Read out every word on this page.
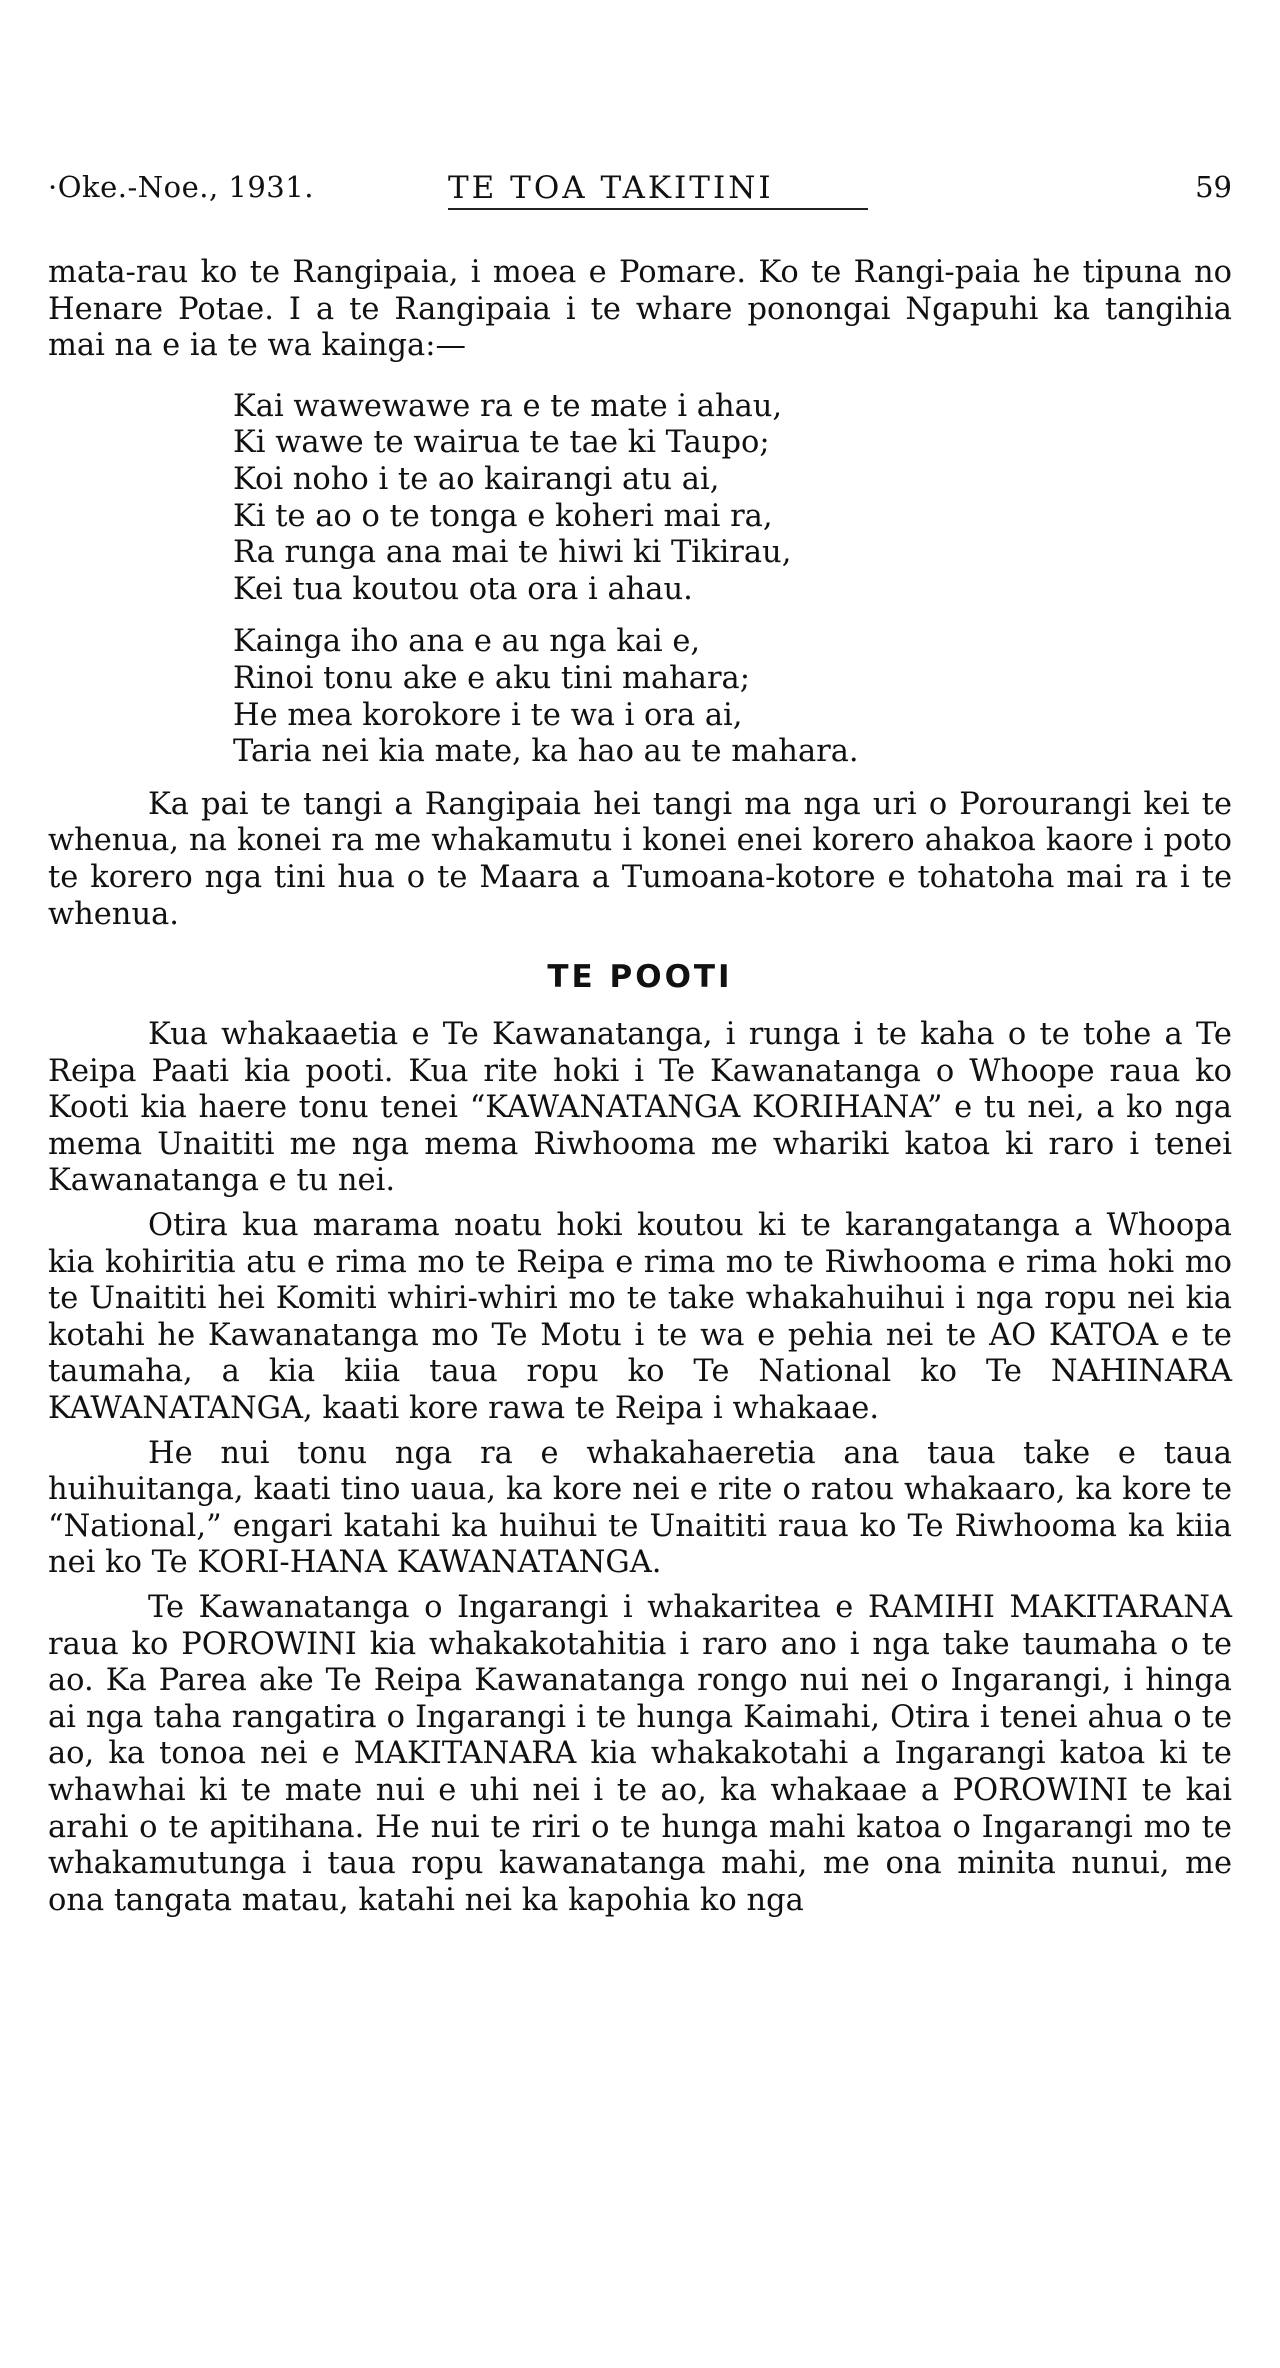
·Oke.-Noe., 1931.	TE TOA TAKITINI	59

mata-rau ko te Rangipaia, i moea e Pomare. Ko te Rangi-paia he tipuna no Henare Potae. I a te Rangipaia i te whare ponongai Ngapuhi ka tangihia mai na e ia te wa kainga:—

Kai wawewawe ra e te mate i ahau,
Ki wawe te wairua te tae ki Taupo;
Koi noho i te ao kairangi atu ai,
Ki te ao o te tonga e koheri mai ra,
Ra runga ana mai te hiwi ki Tikirau,
Kei tua koutou ota ora i ahau.
Kainga iho ana e au nga kai e,
Rinoi tonu ake e aku tini mahara;
He mea korokore i te wa i ora ai,
Taria nei kia mate, ka hao au te mahara.

Ka pai te tangi a Rangipaia hei tangi ma nga uri o Porourangi kei te whenua, na konei ra me whakamutu i konei enei korero ahakoa kaore i poto te korero nga tini hua o te Maara a Tumoana-kotore e tohatoha mai ra i te whenua.

TE POOTI

Kua whakaaetia e Te Kawanatanga, i runga i te kaha o te tohe a Te Reipa Paati kia pooti. Kua rite hoki i Te Kawanatanga o Whoope raua ko Kooti kia haere tonu tenei “KAWANATANGA KORIHANA” e tu nei, a ko nga mema Unaititi me nga mema Riwhooma me whariki katoa ki raro i tenei Kawanatanga e tu nei.

Otira kua marama noatu hoki koutou ki te karangatanga a Whoopa kia kohiritia atu e rima mo te Reipa e rima mo te Riwhooma e rima hoki mo te Unaititi hei Komiti whiri-whiri mo te take whakahuihui i nga ropu nei kia kotahi he Kawanatanga mo Te Motu i te wa e pehia nei te AO KATOA e te taumaha, a kia kiia taua ropu ko Te National ko Te NAHINARA KAWANATANGA, kaati kore rawa te Reipa i whakaae.

He nui tonu nga ra e whakahaeretia ana taua take e taua huihuitanga, kaati tino uaua, ka kore nei e rite o ratou whakaaro, ka kore te “National,” engari katahi ka huihui te Unaititi raua ko Te Riwhooma ka kiia nei ko Te KORI-HANA KAWANATANGA.

Te Kawanatanga o Ingarangi i whakaritea e RAMIHI MAKITARANA raua ko POROWINI kia whakakotahitia i raro ano i nga take taumaha o te ao. Ka Parea ake Te Reipa Kawanatanga rongo nui nei o Ingarangi, i hinga ai nga taha rangatira o Ingarangi i te hunga Kaimahi, Otira i tenei ahua o te ao, ka tonoa nei e MAKITANARA kia whakakotahi a Ingarangi katoa ki te whawhai ki te mate nui e uhi nei i te ao, ka whakaae a POROWINI te kai arahi o te apitihana. He nui te riri o te hunga mahi katoa o Ingarangi mo te whakamutunga i taua ropu kawanatanga mahi, me ona minita nunui, me ona tangata matau, katahi nei ka kapohia ko nga
